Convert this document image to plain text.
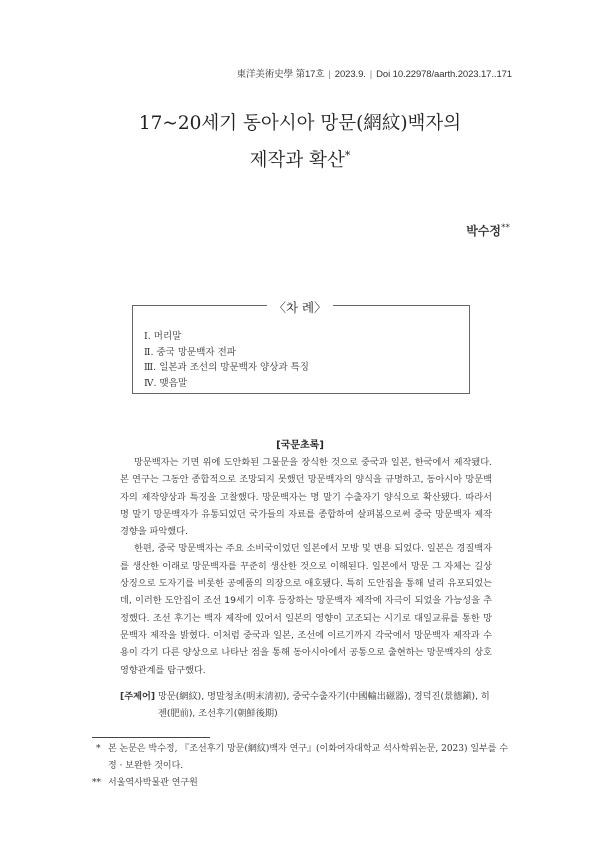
東洋美術史學 第17호 | 2023.9. | Doi 10.22978/aarth.2023.17..171
17~20세기 동아시아 망문(網紋)백자의
제작과 확산*
박수정**
〈차 례〉
Ⅰ. 머리말
Ⅱ. 중국 망문백자 전파
Ⅲ. 일본과 조선의 망문백자 양상과 특징
Ⅳ. 맺음말
[국문초록]

망문백자는 기면 위에 도안화된 그물문을 장식한 것으로 중국과 일본, 한국에서 제작됐다. 본 연구는 그동안 종합적으로 조망되지 못했던 망문백자의 양식을 규명하고, 동아시아 망문백자의 제작양상과 특징을 고찰했다. 망문백자는 명 말기 수출자기 양식으로 확산됐다. 따라서 명 말기 망문백자가 유통되었던 국가들의 자료를 종합하여 살펴봄으로써 중국 망문백자 제작 경향을 파악했다.

한편, 중국 망문백자는 주요 소비국이었던 일본에서 모방 및 변용 되었다. 일본은 경질백자를 생산한 이래로 망문백자를 꾸준히 생산한 것으로 이해된다. 일본에서 망문 그 자체는 길상상징으로 도자기를 비롯한 공예품의 의장으로 애호됐다. 특히 도안집을 통해 널리 유포되었는데, 이러한 도안집이 조선 19세기 이후 등장하는 망문백자 제작에 자극이 되었을 가능성을 추정했다. 조선 후기는 백자 제작에 있어서 일본의 영향이 고조되는 시기로 대일교류를 통한 망문백자 제작을 밝혔다. 이처럼 중국과 일본, 조선에 이르기까지 각국에서 망문백자 제작과 수용이 각기 다른 양상으로 나타난 점을 통해 동아시아에서 공통으로 출현하는 망문백자의 상호 영향관계를 탐구했다.

[주제어] 망문(網紋), 명말청초(明末淸初), 중국수출자기(中國輸出磁器), 경덕진(景德鎭), 히젠(肥前), 조선후기(朝鮮後期)
* 본 논문은 박수정, 『조선후기 망문(網紋)백자 연구』(이화여자대학교 석사학위논문, 2023) 일부를 수정 · 보완한 것이다.
** 서울역사박물관 연구원
